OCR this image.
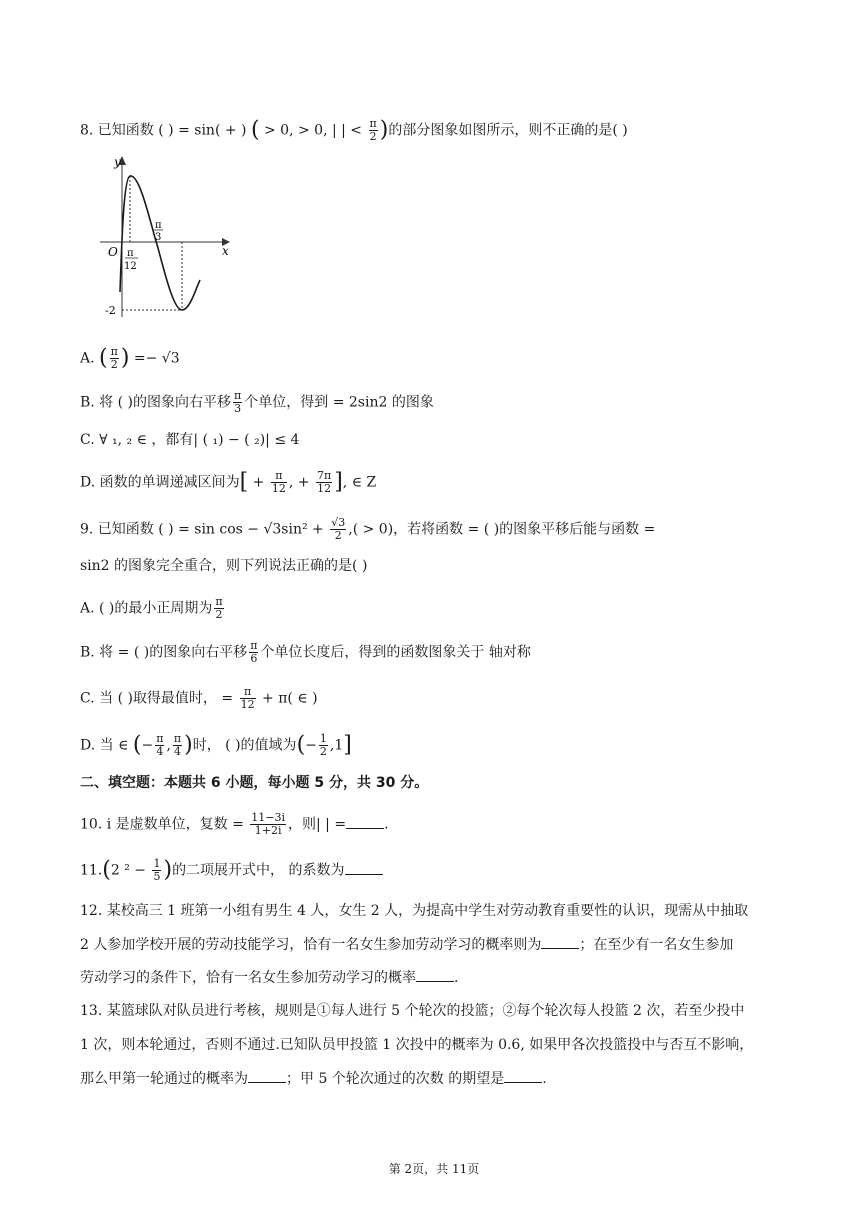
8. 已知函数 ( ) = sin( + ) ( > 0, > 0, | | < $\frac{\pi}{2}$ )的部分图象如图所示，则不正确的是( )
y
x
O
-2
π
12
π
3
A. ( $\frac{\pi}{2}$ ) =− √3
B. 将 ( )的图象向右平移 $\frac{\pi}{3}$ 个单位，得到 = 2sin2 的图象
C. ∀ ₁, ₂ ∈ ，都有| ( ₁) − ( ₂)| ≤ 4
D. 函数的单调递减区间为[ + $\frac{\pi}{12}$ , + $\frac{7\pi}{12}$ ], ∈ Z
9. 已知函数 ( ) = $\sin \cos - √3\sin^2 + \frac{√3}{2}$ ,( > 0)，若将函数 = ( )的图象平移后能与函数 =
sin2 的图象完全重合，则下列说法正确的是( )
A. ( )的最小正周期为 $\frac{\pi}{2}$
B. 将 = ( )的图象向右平移 $\frac{\pi}{6}$ 个单位长度后，得到的函数图象关于 轴对称
C. 当 ( )取得最值时， = $\frac{\pi}{12} + \pi$( ∈ )
D. 当 ∈ (− $\frac{\pi}{4}$ , $\frac{\pi}{4}$ )时， ( )的值域为(− $\frac{1}{2} ,1$]
二、填空题：本题共 6 小题，每小题 5 分，共 30 分。
10. i 是虚数单位，复数 = $\frac{11-3i}{1+2i}$ ，则| | =	.
11.(2 $^2 - \frac{1}{5}$ )的二项展开式中， 的系数为
12. 某校高三 1 班第一小组有男生 4 人，女生 2 人，为提高中学生对劳动教育重要性的认识，现需从中抽取
2 人参加学校开展的劳动技能学习，恰有一名女生参加劳动学习的概率则为	；在至少有一名女生参加
劳动学习的条件下，恰有一名女生参加劳动学习的概率	.
13. 某篮球队对队员进行考核，规则是①每人进行 5 个轮次的投篮；②每个轮次每人投篮 2 次，若至少投中
1 次，则本轮通过，否则不通过.已知队员甲投篮 1 次投中的概率为 0.6, 如果甲各次投篮投中与否互不影响，
那么甲第一轮通过的概率为	；甲 5 个轮次通过的次数 的期望是	.
第 2页，共 11页
